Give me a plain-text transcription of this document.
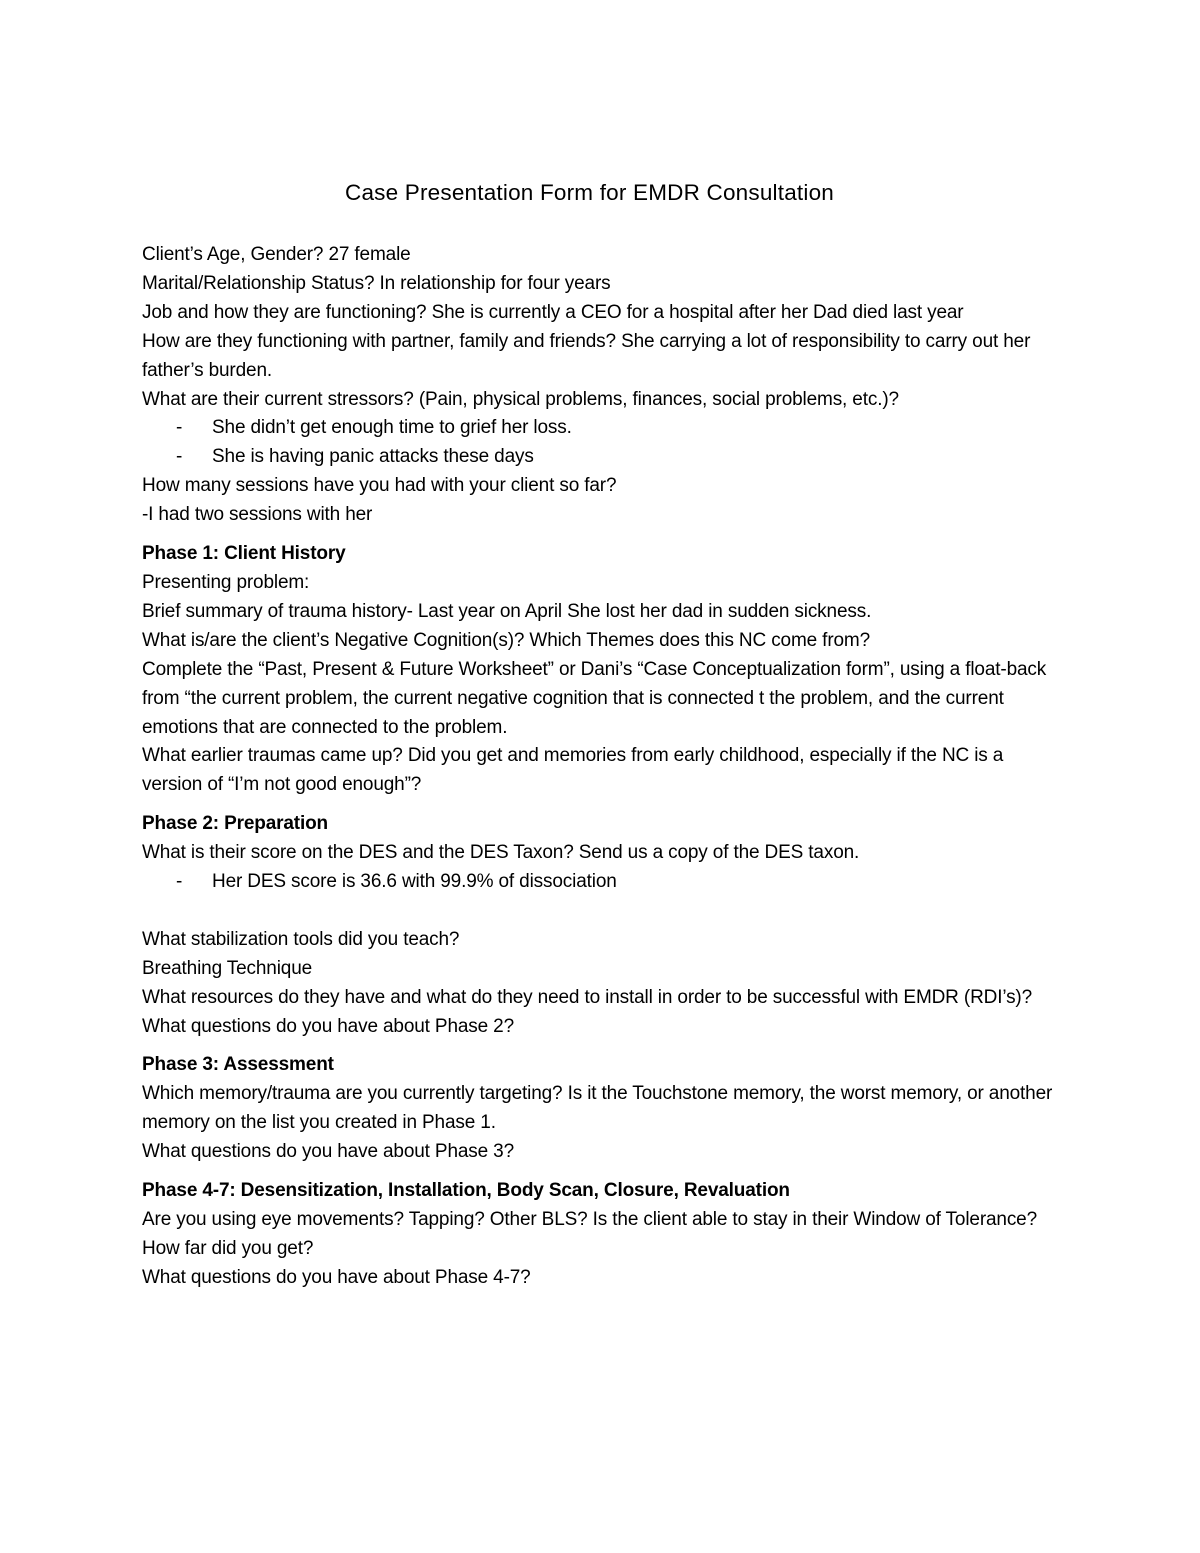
Case Presentation Form for EMDR Consultation
Client’s Age, Gender? 27 female
Marital/Relationship Status? In relationship for four years
Job and how they are functioning? She is currently a CEO for a hospital after her Dad died last year
How are they functioning with partner, family and friends? She carrying a lot of responsibility to carry out her father’s burden.
What are their current stressors? (Pain, physical problems, finances, social problems, etc.)?
- She didn’t get enough time to grief her loss.
- She is having panic attacks these days
How many sessions have you had with your client so far?
-I had two sessions with her
Phase 1: Client History
Presenting problem:
Brief summary of trauma history- Last year on April She lost her dad in sudden sickness.
What is/are the client’s Negative Cognition(s)? Which Themes does this NC come from?
Complete the “Past, Present & Future Worksheet” or Dani’s “Case Conceptualization form”, using a float-back from “the current problem, the current negative cognition that is connected t the problem, and the current emotions that are connected to the problem.
What earlier traumas came up? Did you get and memories from early childhood, especially if the NC is a version of “I’m not good enough”?
Phase 2: Preparation
What is their score on the DES and the DES Taxon? Send us a copy of the DES taxon.
- Her DES score is 36.6 with 99.9% of dissociation
What stabilization tools did you teach?
Breathing Technique
What resources do they have and what do they need to install in order to be successful with EMDR (RDI’s)?
What questions do you have about Phase 2?
Phase 3: Assessment
Which memory/trauma are you currently targeting? Is it the Touchstone memory, the worst memory, or another memory on the list you created in Phase 1.
What questions do you have about Phase 3?
Phase 4-7: Desensitization, Installation, Body Scan, Closure, Revaluation
Are you using eye movements? Tapping? Other BLS? Is the client able to stay in their Window of Tolerance?
How far did you get?
What questions do you have about Phase 4-7?
